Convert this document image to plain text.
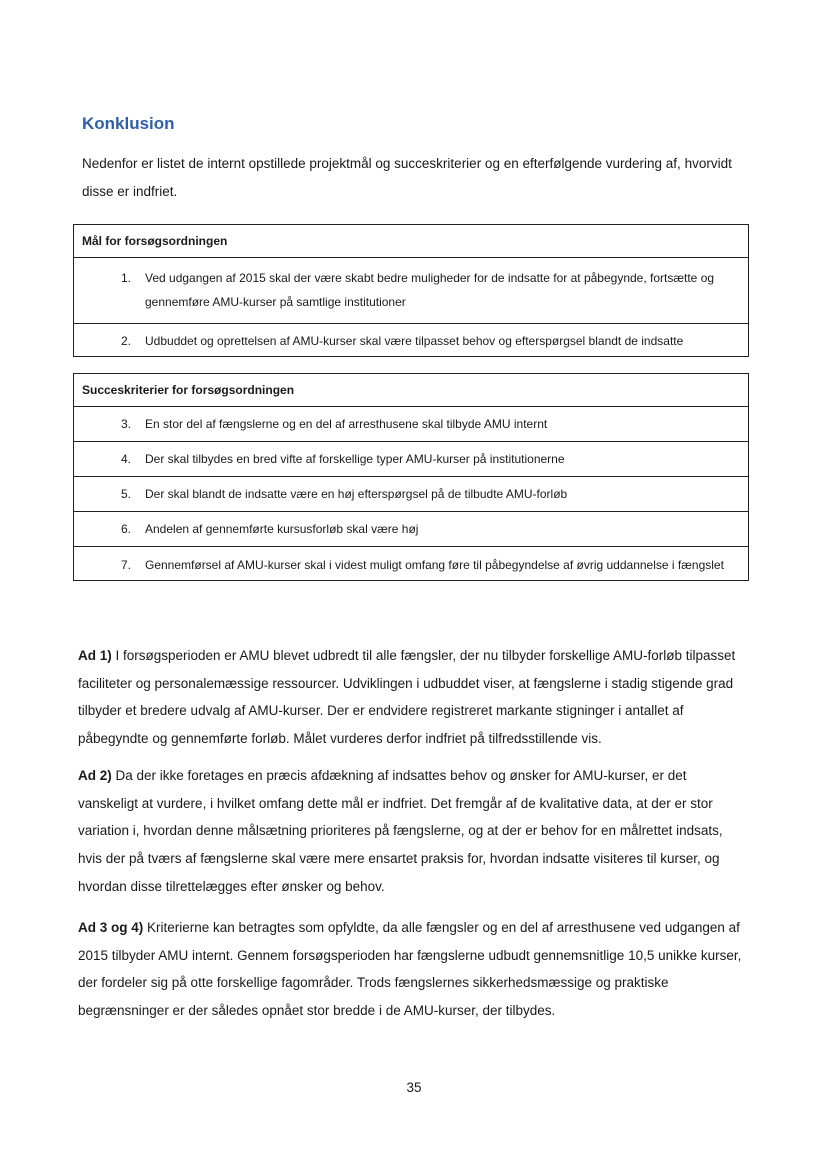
Konklusion

Nedenfor er listet de internt opstillede projektmål og succeskriterier og en efterfølgende vurdering af, hvorvidt disse er indfriet.

Mål for forsøgsordningen
1.	Ved udgangen af 2015 skal der være skabt bedre muligheder for de indsatte for at påbegynde, fortsætte og gennemføre AMU-kurser på samtlige institutioner
2.	Udbuddet og oprettelsen af AMU-kurser skal være tilpasset behov og efterspørgsel blandt de indsatte
Succeskriterier for forsøgsordningen
3.	En stor del af fængslerne og en del af arresthusene skal tilbyde AMU internt
4.	Der skal tilbydes en bred vifte af forskellige typer AMU-kurser på institutionerne
5.	Der skal blandt de indsatte være en høj efterspørgsel på de tilbudte AMU-forløb
6.	Andelen af gennemførte kursusforløb skal være høj
7.	Gennemførsel af AMU-kurser skal i videst muligt omfang føre til påbegyndelse af øvrig uddannelse i fængslet

Ad 1) I forsøgsperioden er AMU blevet udbredt til alle fængsler, der nu tilbyder forskellige AMU-forløb tilpasset faciliteter og personalemæssige ressourcer. Udviklingen i udbuddet viser, at fængslerne i stadig stigende grad tilbyder et bredere udvalg af AMU-kurser. Der er endvidere registreret markante stigninger i antallet af påbegyndte og gennemførte forløb. Målet vurderes derfor indfriet på tilfredsstillende vis.

Ad 2) Da der ikke foretages en præcis afdækning af indsattes behov og ønsker for AMU-kurser, er det vanskeligt at vurdere, i hvilket omfang dette mål er indfriet. Det fremgår af de kvalitative data, at der er stor variation i, hvordan denne målsætning prioriteres på fængslerne, og at der er behov for en målrettet indsats, hvis der på tværs af fængslerne skal være mere ensartet praksis for, hvordan indsatte visiteres til kurser, og hvordan disse tilrettelægges efter ønsker og behov.

Ad 3 og 4) Kriterierne kan betragtes som opfyldte, da alle fængsler og en del af arresthusene ved udgangen af 2015 tilbyder AMU internt. Gennem forsøgsperioden har fængslerne udbudt gennemsnitlige 10,5 unikke kurser, der fordeler sig på otte forskellige fagområder. Trods fængslernes sikkerhedsmæssige og praktiske begrænsninger er der således opnået stor bredde i de AMU-kurser, der tilbydes.

35
